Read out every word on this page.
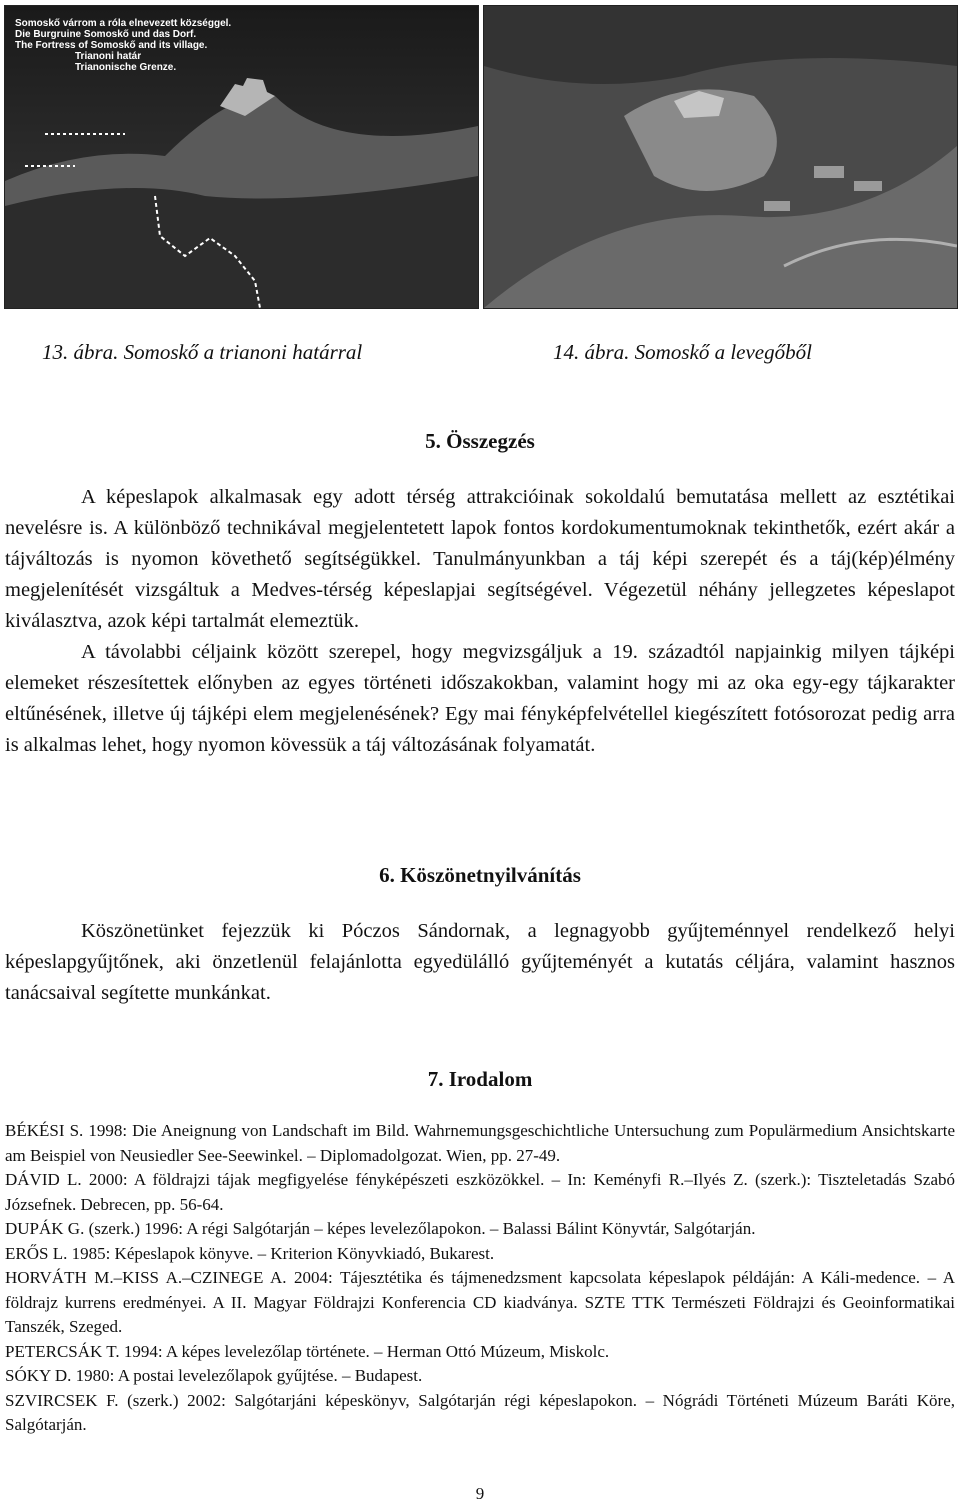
Somoskő várrom a róla elnevezett községgel.
Die Burgruine Somoskő und das Dorf.
The Fortress of Somoskő and its village.
Trianoni határ
Trianonische Grenze.
13. ábra. Somoskő a trianoni határral	14. ábra. Somoskő a levegőből
5. Összegzés

A képeslapok alkalmasak egy adott térség attrakcióinak sokoldalú bemutatása mellett az esztétikai nevelésre is. A különböző technikával megjelentetett lapok fontos kordokumentumoknak tekinthetők, ezért akár a tájváltozás is nyomon követhető segítségükkel. Tanulmányunkban a táj képi szerepét és a táj(kép)élmény megjelenítését vizsgáltuk a Medves-térség képeslapjai segítségével. Végezetül néhány jellegzetes képeslapot kiválasztva, azok képi tartalmát elemeztük.

A távolabbi céljaink között szerepel, hogy megvizsgáljuk a 19. századtól napjainkig milyen tájképi elemeket részesítettek előnyben az egyes történeti időszakokban, valamint hogy mi az oka egy-egy tájkarakter eltűnésének, illetve új tájképi elem megjelenésének? Egy mai fényképfelvétellel kiegészített fotósorozat pedig arra is alkalmas lehet, hogy nyomon kövessük a táj változásának folyamatát.

6. Köszönetnyilvánítás

Köszönetünket fejezzük ki Póczos Sándornak, a legnagyobb gyűjteménnyel rendelkező helyi képeslapgyűjtőnek, aki önzetlenül felajánlotta egyedülálló gyűjteményét a kutatás céljára, valamint hasznos tanácsaival segítette munkánkat.

7. Irodalom

BÉKÉSI S. 1998: Die Aneignung von Landschaft im Bild. Wahrnemungsgeschichtliche Untersuchung zum Populärmedium Ansichtskarte am Beispiel von Neusiedler See-Seewinkel. – Diplomadolgozat. Wien, pp. 27-49.

DÁVID L. 2000: A földrajzi tájak megfigyelése fényképészeti eszközökkel. – In: Keményfi R.–Ilyés Z. (szerk.): Tiszteletadás Szabó Józsefnek. Debrecen, pp. 56-64.

DUPÁK G. (szerk.) 1996: A régi Salgótarján – képes levelezőlapokon. – Balassi Bálint Könyvtár, Salgótarján.

ERŐS L. 1985: Képeslapok könyve. – Kriterion Könyvkiadó, Bukarest.

HORVÁTH M.–KISS A.–CZINEGE A. 2004: Tájesztétika és tájmenedzsment kapcsolata képeslapok példáján: A Káli-medence. – A földrajz kurrens eredményei. A II. Magyar Földrajzi Konferencia CD kiadványa. SZTE TTK Természeti Földrajzi és Geoinformatikai Tanszék, Szeged.

PETERCSÁK T. 1994: A képes levelezőlap története. – Herman Ottó Múzeum, Miskolc.

SÓKY D. 1980: A postai levelezőlapok gyűjtése. – Budapest.

SZVIRCSEK F. (szerk.) 2002: Salgótarjáni képeskönyv, Salgótarján régi képeslapokon. – Nógrádi Történeti Múzeum Baráti Köre, Salgótarján.

9
